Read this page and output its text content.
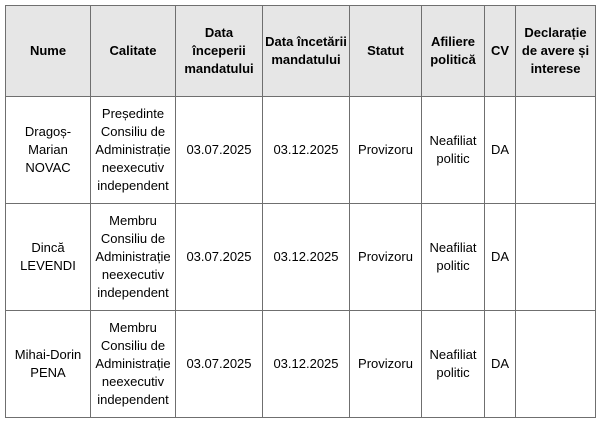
Nume	Calitate	Data începerii mandatului	Data încetării mandatului	Statut	Afiliere politică	CV	Declarație de avere și interese
Dragoș-Marian NOVAC	Președinte Consiliu de Administrație neexecutiv independent	03.07.2025	03.12.2025	Provizoru	Neafiliat politic	DA	
Dincă LEVENDI	Membru Consiliu de Administrație neexecutiv independent	03.07.2025	03.12.2025	Provizoru	Neafiliat politic	DA	
Mihai-Dorin PENA	Membru Consiliu de Administrație neexecutiv independent	03.07.2025	03.12.2025	Provizoru	Neafiliat politic	DA	
